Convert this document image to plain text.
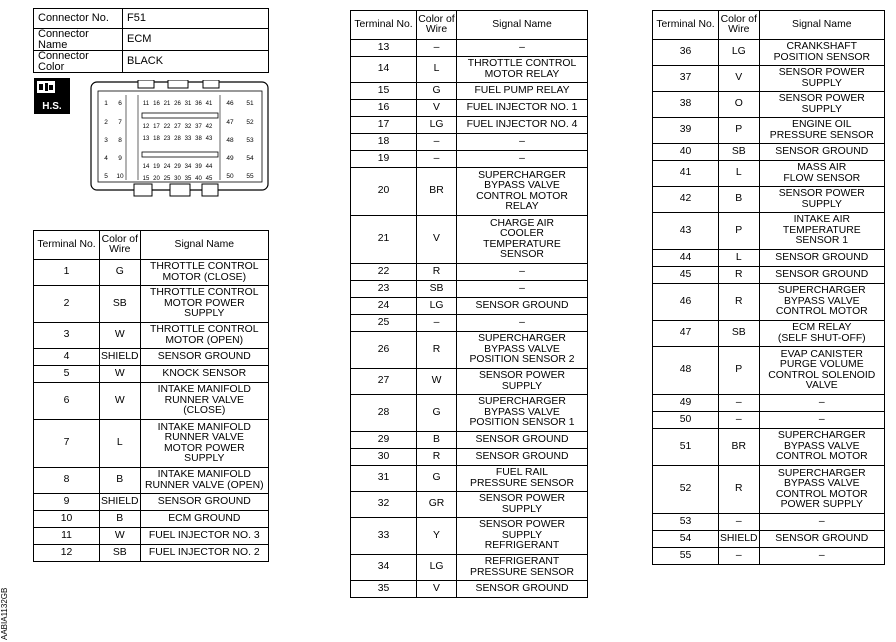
Connector No.	F51
Connector Name	ECM
Connector Color	BLACK
H.S.	1
2
3
4
5
6
7
8
9
10
46
47
48
49
50
51
52
53
54
55
11 16 21 26 31 36 41
12 17 22 27 32 37 42
13 18 23 28 33 38 43
14 19 24 29 34 39 44
15 20 25 30 35 40 45
AABIA1132GB
Terminal No.	Color of
Wire	Signal Name
1	G	THROTTLE CONTROL
MOTOR (CLOSE)
2	SB	THROTTLE CONTROL
MOTOR POWER
SUPPLY
3	W	THROTTLE CONTROL
MOTOR (OPEN)
4	SHIELD	SENSOR GROUND
5	W	KNOCK SENSOR
6	W	INTAKE MANIFOLD
RUNNER VALVE
(CLOSE)
7	L	INTAKE MANIFOLD
RUNNER VALVE
MOTOR POWER
SUPPLY
8	B	INTAKE MANIFOLD
RUNNER VALVE (OPEN)
9	SHIELD	SENSOR GROUND
10	B	ECM GROUND
11	W	FUEL INJECTOR NO. 3
12	SB	FUEL INJECTOR NO. 2
Terminal No.	Color of
Wire	Signal Name
13	–	–
14	L	THROTTLE CONTROL
MOTOR RELAY
15	G	FUEL PUMP RELAY
16	V	FUEL INJECTOR NO. 1
17	LG	FUEL INJECTOR NO. 4
18	–	–
19	–	–
20	BR	SUPERCHARGER
BYPASS VALVE
CONTROL MOTOR
RELAY
21	V	CHARGE AIR
COOLER
TEMPERATURE
SENSOR
22	R	–
23	SB	–
24	LG	SENSOR GROUND
25	–	–
26	R	SUPERCHARGER
BYPASS VALVE
POSITION SENSOR 2
27	W	SENSOR POWER
SUPPLY
28	G	SUPERCHARGER
BYPASS VALVE
POSITION SENSOR 1
29	B	SENSOR GROUND
30	R	SENSOR GROUND
31	G	FUEL RAIL
PRESSURE SENSOR
32	GR	SENSOR POWER
SUPPLY
33	Y	SENSOR POWER
SUPPLY
REFRIGERANT
34	LG	REFRIGERANT
PRESSURE SENSOR
35	V	SENSOR GROUND
Terminal No.	Color of
Wire	Signal Name
36	LG	CRANKSHAFT
POSITION SENSOR
37	V	SENSOR POWER
SUPPLY
38	O	SENSOR POWER
SUPPLY
39	P	ENGINE OIL
PRESSURE SENSOR
40	SB	SENSOR GROUND
41	L	MASS AIR
FLOW SENSOR
42	B	SENSOR POWER
SUPPLY
43	P	INTAKE AIR
TEMPERATURE
SENSOR 1
44	L	SENSOR GROUND
45	R	SENSOR GROUND
46	R	SUPERCHARGER
BYPASS VALVE
CONTROL MOTOR
47	SB	ECM RELAY
(SELF SHUT-OFF)
48	P	EVAP CANISTER
PURGE VOLUME
CONTROL SOLENOID
VALVE
49	–	–
50	–	–
51	BR	SUPERCHARGER
BYPASS VALVE
CONTROL MOTOR
52	R	SUPERCHARGER
BYPASS VALVE
CONTROL MOTOR
POWER SUPPLY
53	–	–
54	SHIELD	SENSOR GROUND
55	–	–
